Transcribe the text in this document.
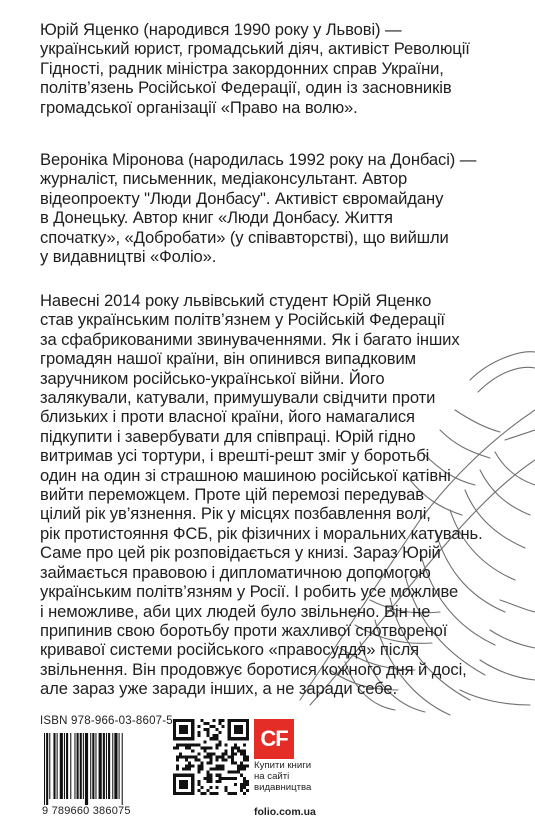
Юрій Яценко (народився 1990 року у Львові) —

український юрист, громадський діяч, активіст Революції

Гідності, радник міністра закордонних справ України,

політв’язень Російської Федерації, один із засновників

громадської організації «Право на волю».

Вероніка Міронова (народилась 1992 року на Донбасі) —

журналіст, письменник, медіаконсультант. Автор

відеопроекту "Люди Донбасу". Активіст євромайдану

в Донецьку. Автор книг «Люди Донбасу. Життя

спочатку», «Добробати» (у співавторстві), що вийшли

у видавництві «Фоліо».

Навесні 2014 року львівський студент Юрій Яценко

став українським політв’язнем у Російській Федерації

за сфабрикованими звинуваченнями. Як і багато інших

громадян нашої країни, він опинився випадковим

заручником російсько-української війни. Його

залякували, катували, примушували свідчити проти

близьких і проти власної країни, його намагалися

підкупити і завербувати для співпраці. Юрій гідно

витримав усі тортури, і врешті-решт зміг у боротьбі

один на один зі страшною машиною російської катівні

вийти переможцем. Проте цій перемозі передував

цілий рік ув’язнення. Рік у місцях позбавлення волі,

рік протистояння ФСБ, рік фізичних і моральних катувань.

Саме про цей рік розповідається у книзі. Зараз Юрій

займається правовою і дипломатичною допомогою

українським політв’язням у Росії. І робить усе можливе

і неможливе, аби цих людей було звільнено. Він не

припинив свою боротьбу проти жахливої спотвореної

кривавої системи російського «правосуддя» після

звільнення. Він продовжує боротися кожного дня й досі,

але зараз уже заради інших, а не заради себе.

ISBN 978-966-03-8607-5
9 789660 386075
CF
Купити книги
на сайті
видавництва
folio.com.ua
